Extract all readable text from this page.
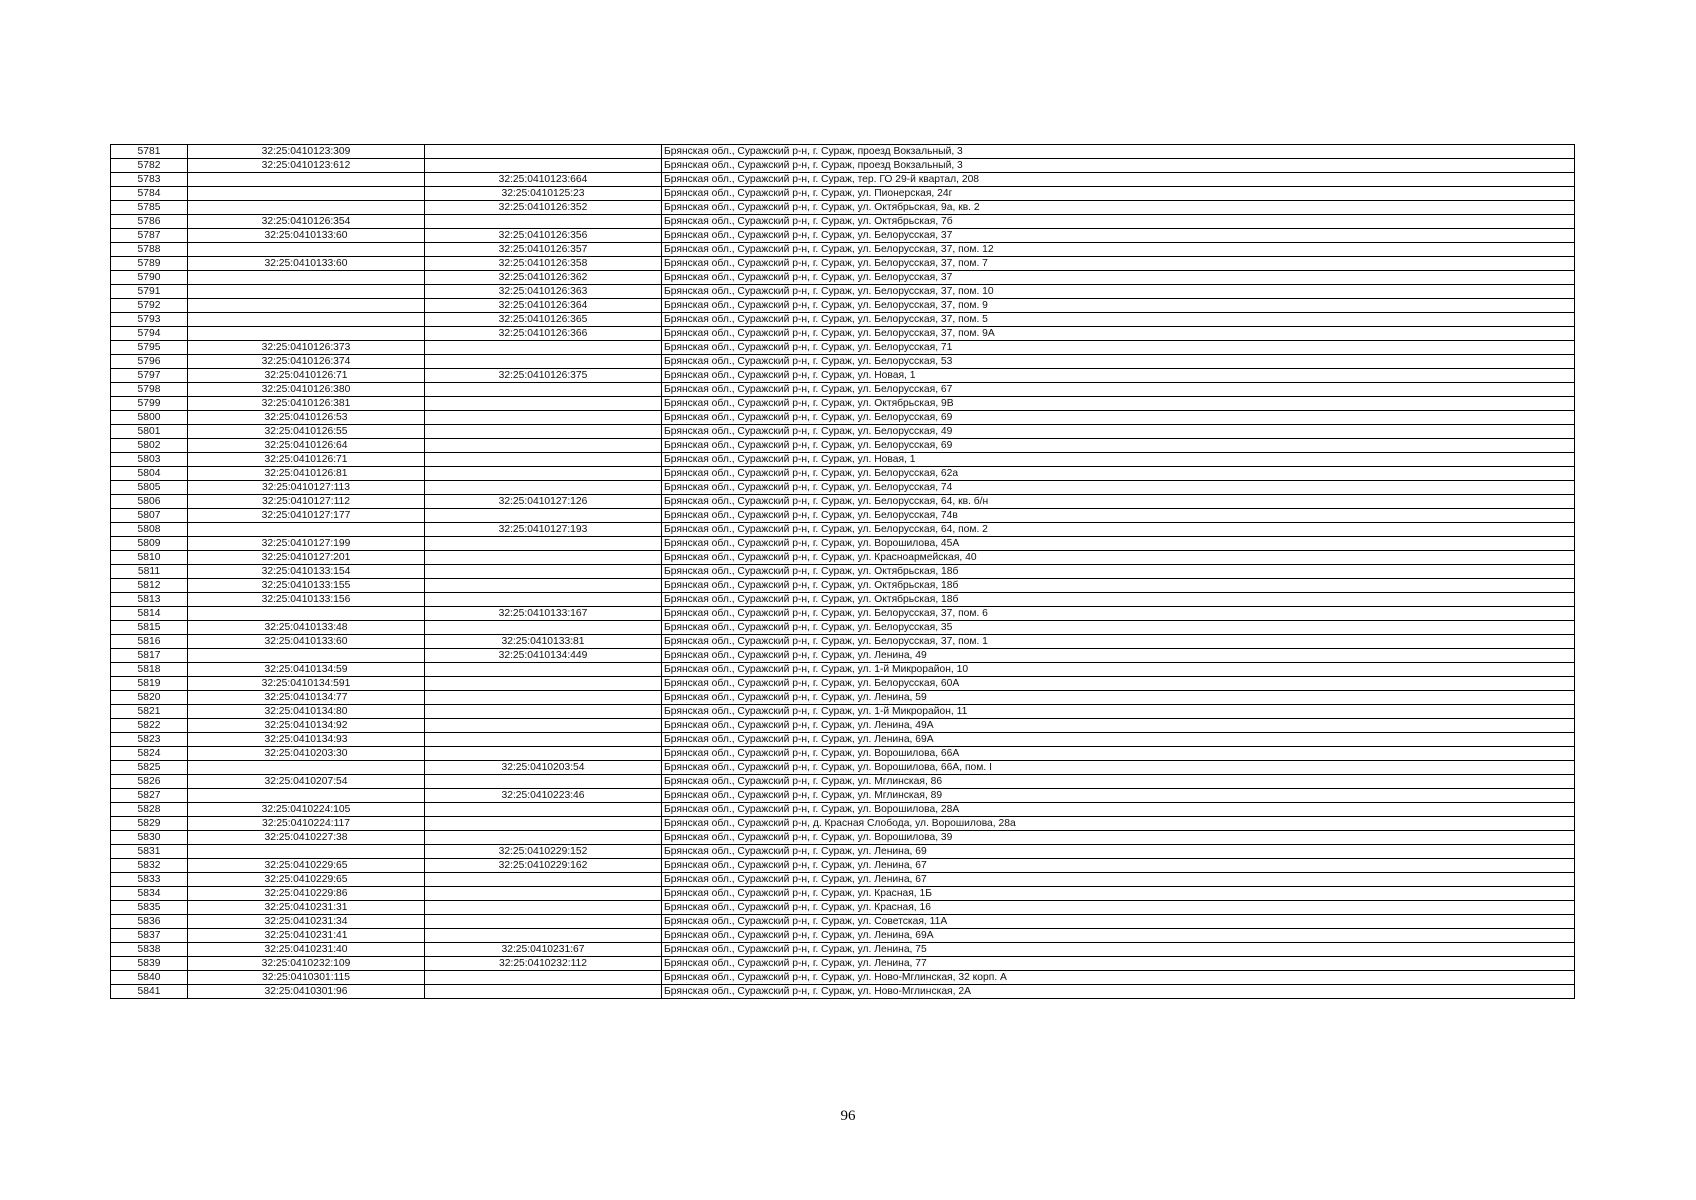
5781	32:25:0410123:309		Брянская обл., Суражский р-н, г. Сураж, проезд Вокзальный, 3
5782	32:25:0410123:612		Брянская обл., Суражский р-н, г. Сураж, проезд Вокзальный, 3
5783		32:25:0410123:664	Брянская обл., Суражский р-н, г. Сураж, тер. ГО 29-й квартал, 208
5784		32:25:0410125:23	Брянская обл., Суражский р-н, г. Сураж, ул. Пионерская, 24г
5785		32:25:0410126:352	Брянская обл., Суражский р-н, г. Сураж, ул. Октябрьская, 9а, кв. 2
5786	32:25:0410126:354		Брянская обл., Суражский р-н, г. Сураж, ул. Октябрьская, 7б
5787	32:25:0410133:60	32:25:0410126:356	Брянская обл., Суражский р-н, г. Сураж, ул. Белорусская, 37
5788		32:25:0410126:357	Брянская обл., Суражский р-н, г. Сураж, ул. Белорусская, 37, пом. 12
5789	32:25:0410133:60	32:25:0410126:358	Брянская обл., Суражский р-н, г. Сураж, ул. Белорусская, 37, пом. 7
5790		32:25:0410126:362	Брянская обл., Суражский р-н, г. Сураж, ул. Белорусская, 37
5791		32:25:0410126:363	Брянская обл., Суражский р-н, г. Сураж, ул. Белорусская, 37, пом. 10
5792		32:25:0410126:364	Брянская обл., Суражский р-н, г. Сураж, ул. Белорусская, 37, пом. 9
5793		32:25:0410126:365	Брянская обл., Суражский р-н, г. Сураж, ул. Белорусская, 37, пом. 5
5794		32:25:0410126:366	Брянская обл., Суражский р-н, г. Сураж, ул. Белорусская, 37, пом. 9А
5795	32:25:0410126:373		Брянская обл., Суражский р-н, г. Сураж, ул. Белорусская, 71
5796	32:25:0410126:374		Брянская обл., Суражский р-н, г. Сураж, ул. Белорусская, 53
5797	32:25:0410126:71	32:25:0410126:375	Брянская обл., Суражский р-н, г. Сураж, ул. Новая, 1
5798	32:25:0410126:380		Брянская обл., Суражский р-н, г. Сураж, ул. Белорусская, 67
5799	32:25:0410126:381		Брянская обл., Суражский р-н, г. Сураж, ул. Октябрьская, 9В
5800	32:25:0410126:53		Брянская обл., Суражский р-н, г. Сураж, ул. Белорусская, 69
5801	32:25:0410126:55		Брянская обл., Суражский р-н, г. Сураж, ул. Белорусская, 49
5802	32:25:0410126:64		Брянская обл., Суражский р-н, г. Сураж, ул. Белорусская, 69
5803	32:25:0410126:71		Брянская обл., Суражский р-н, г. Сураж, ул. Новая, 1
5804	32:25:0410126:81		Брянская обл., Суражский р-н, г. Сураж, ул. Белорусская, 62а
5805	32:25:0410127:113		Брянская обл., Суражский р-н, г. Сураж, ул. Белорусская, 74
5806	32:25:0410127:112	32:25:0410127:126	Брянская обл., Суражский р-н, г. Сураж, ул. Белорусская, 64, кв. б/н
5807	32:25:0410127:177		Брянская обл., Суражский р-н, г. Сураж, ул. Белорусская, 74в
5808		32:25:0410127:193	Брянская обл., Суражский р-н, г. Сураж, ул. Белорусская, 64, пом. 2
5809	32:25:0410127:199		Брянская обл., Суражский р-н, г. Сураж, ул. Ворошилова, 45А
5810	32:25:0410127:201		Брянская обл., Суражский р-н, г. Сураж, ул. Красноармейская, 40
5811	32:25:0410133:154		Брянская обл., Суражский р-н, г. Сураж, ул. Октябрьская, 18б
5812	32:25:0410133:155		Брянская обл., Суражский р-н, г. Сураж, ул. Октябрьская, 18б
5813	32:25:0410133:156		Брянская обл., Суражский р-н, г. Сураж, ул. Октябрьская, 18б
5814		32:25:0410133:167	Брянская обл., Суражский р-н, г. Сураж, ул. Белорусская, 37, пом. 6
5815	32:25:0410133:48		Брянская обл., Суражский р-н, г. Сураж, ул. Белорусская, 35
5816	32:25:0410133:60	32:25:0410133:81	Брянская обл., Суражский р-н, г. Сураж, ул. Белорусская, 37, пом. 1
5817		32:25:0410134:449	Брянская обл., Суражский р-н, г. Сураж, ул. Ленина, 49
5818	32:25:0410134:59		Брянская обл., Суражский р-н, г. Сураж, ул. 1-й Микрорайон, 10
5819	32:25:0410134:591		Брянская обл., Суражский р-н, г. Сураж, ул. Белорусская, 60А
5820	32:25:0410134:77		Брянская обл., Суражский р-н, г. Сураж, ул. Ленина, 59
5821	32:25:0410134:80		Брянская обл., Суражский р-н, г. Сураж, ул. 1-й Микрорайон, 11
5822	32:25:0410134:92		Брянская обл., Суражский р-н, г. Сураж, ул. Ленина, 49А
5823	32:25:0410134:93		Брянская обл., Суражский р-н, г. Сураж, ул. Ленина, 69А
5824	32:25:0410203:30		Брянская обл., Суражский р-н, г. Сураж, ул. Ворошилова, 66А
5825		32:25:0410203:54	Брянская обл., Суражский р-н, г. Сураж, ул. Ворошилова, 66А, пом. I
5826	32:25:0410207:54		Брянская обл., Суражский р-н, г. Сураж, ул. Мглинская, 86
5827		32:25:0410223:46	Брянская обл., Суражский р-н, г. Сураж, ул. Мглинская, 89
5828	32:25:0410224:105		Брянская обл., Суражский р-н, г. Сураж, ул. Ворошилова, 28А
5829	32:25:0410224:117		Брянская обл., Суражский р-н, д. Красная Слобода, ул. Ворошилова, 28а
5830	32:25:0410227:38		Брянская обл., Суражский р-н, г. Сураж, ул. Ворошилова, 39
5831		32:25:0410229:152	Брянская обл., Суражский р-н, г. Сураж, ул. Ленина, 69
5832	32:25:0410229:65	32:25:0410229:162	Брянская обл., Суражский р-н, г. Сураж, ул. Ленина, 67
5833	32:25:0410229:65		Брянская обл., Суражский р-н, г. Сураж, ул. Ленина, 67
5834	32:25:0410229:86		Брянская обл., Суражский р-н, г. Сураж, ул. Красная, 1Б
5835	32:25:0410231:31		Брянская обл., Суражский р-н, г. Сураж, ул. Красная, 16
5836	32:25:0410231:34		Брянская обл., Суражский р-н, г. Сураж, ул. Советская, 11А
5837	32:25:0410231:41		Брянская обл., Суражский р-н, г. Сураж, ул. Ленина, 69А
5838	32:25:0410231:40	32:25:0410231:67	Брянская обл., Суражский р-н, г. Сураж, ул. Ленина, 75
5839	32:25:0410232:109	32:25:0410232:112	Брянская обл., Суражский р-н, г. Сураж, ул. Ленина, 77
5840	32:25:0410301:115		Брянская обл., Суражский р-н, г. Сураж, ул. Ново-Мглинская, 32 корп. А
5841	32:25:0410301:96		Брянская обл., Суражский р-н, г. Сураж, ул. Ново-Мглинская, 2А
96
